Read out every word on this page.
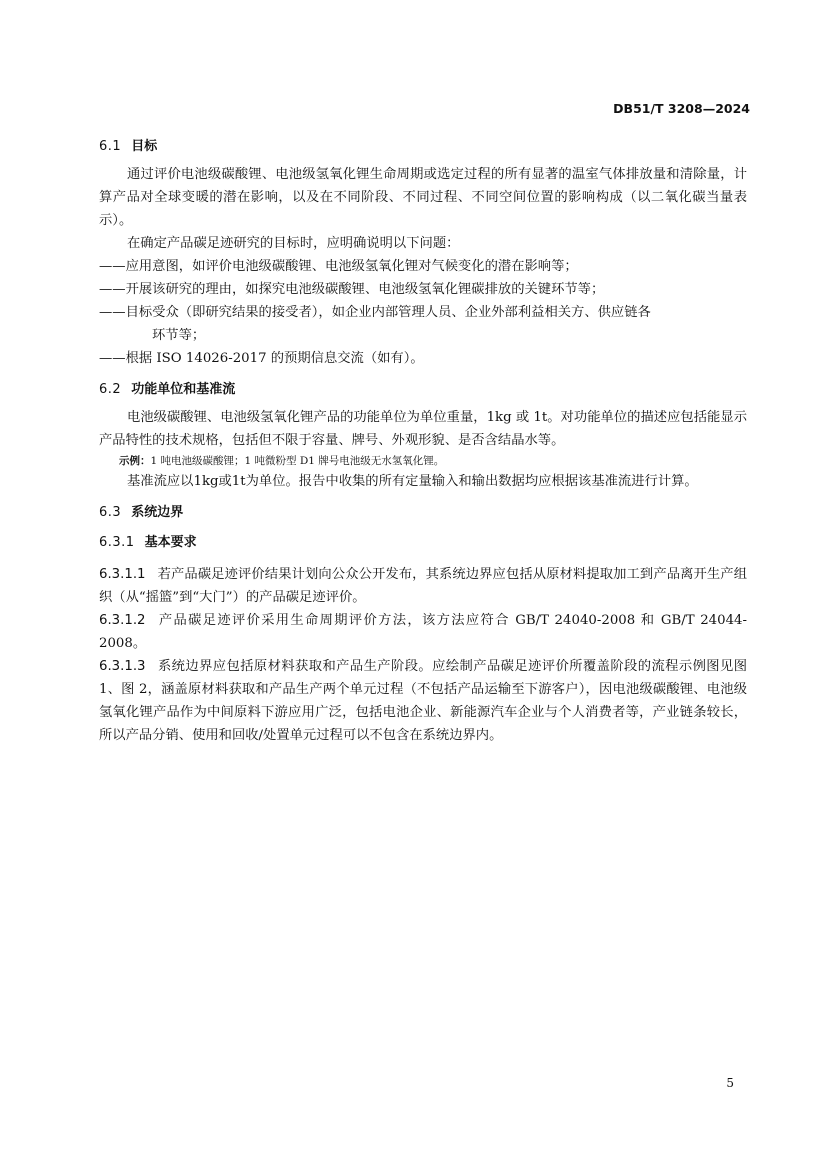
DB51/T 3208—2024
6.1 目标

通过评价电池级碳酸锂、电池级氢氧化锂生命周期或选定过程的所有显著的温室气体排放量和清除量，计算产品对全球变暖的潜在影响，以及在不同阶段、不同过程、不同空间位置的影响构成（以二氧化碳当量表示）。

在确定产品碳足迹研究的目标时，应明确说明以下问题：

——应用意图，如评价电池级碳酸锂、电池级氢氧化锂对气候变化的潜在影响等；

——开展该研究的理由，如探究电池级碳酸锂、电池级氢氧化锂碳排放的关键环节等；

——目标受众（即研究结果的接受者），如企业内部管理人员、企业外部利益相关方、供应链各

环节等；

——根据 ISO 14026-2017 的预期信息交流（如有）。

6.2 功能单位和基准流

电池级碳酸锂、电池级氢氧化锂产品的功能单位为单位重量，1kg 或 1t。对功能单位的描述应包括能显示产品特性的技术规格，包括但不限于容量、牌号、外观形貌、是否含结晶水等。

示例：1 吨电池级碳酸锂；1 吨微粉型 D1 牌号电池级无水氢氧化锂。

基准流应以1kg或1t为单位。报告中收集的所有定量输入和输出数据均应根据该基准流进行计算。

6.3 系统边界
6.3.1 基本要求

6.3.1.1 若产品碳足迹评价结果计划向公众公开发布，其系统边界应包括从原材料提取加工到产品离开生产组织（从“摇篮”到“大门”）的产品碳足迹评价。

6.3.1.2 产品碳足迹评价采用生命周期评价方法，该方法应符合 GB/T 24040-2008 和 GB/T 24044-2008。

6.3.1.3 系统边界应包括原材料获取和产品生产阶段。应绘制产品碳足迹评价所覆盖阶段的流程示例图见图 1、图 2，涵盖原材料获取和产品生产两个单元过程（不包括产品运输至下游客户），因电池级碳酸锂、电池级氢氧化锂产品作为中间原料下游应用广泛，包括电池企业、新能源汽车企业与个人消费者等，产业链条较长，所以产品分销、使用和回收/处置单元过程可以不包含在系统边界内。

5
